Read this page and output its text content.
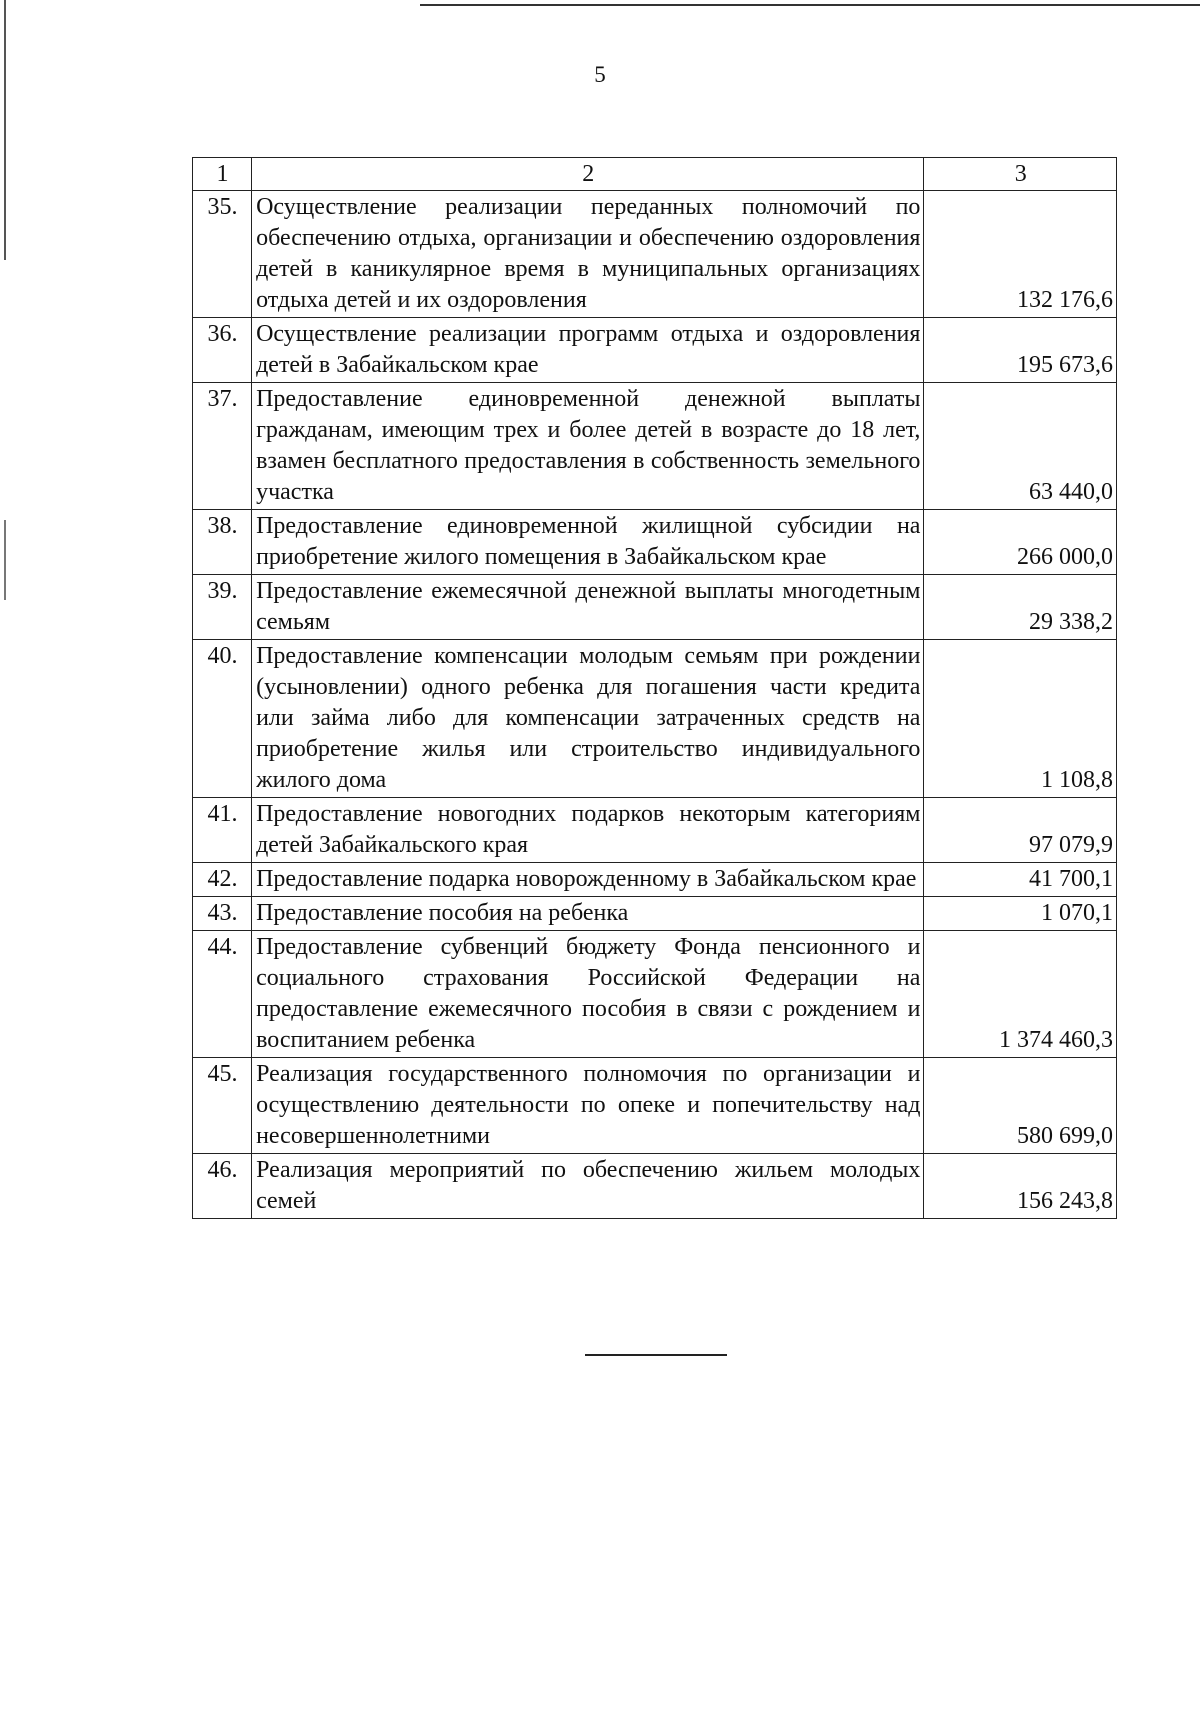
5
1	2	3
35.	Осуществление реализации переданных полномочий по обеспечению отдыха, организации и обеспечению оздоровления детей в каникулярное время в муниципальных организациях отдыха детей и их оздоровления	132 176,6
36.	Осуществление реализации программ отдыха и оздоровления детей в Забайкальском крае	195 673,6
37.	Предоставление единовременной денежной выплаты гражданам, имеющим трех и более детей в возрасте до 18 лет, взамен бесплатного предоставления в собственность земельного участка	63 440,0
38.	Предоставление единовременной жилищной субсидии на приобретение жилого помещения в Забайкальском крае	266 000,0
39.	Предоставление ежемесячной денежной выплаты многодетным семьям	29 338,2
40.	Предоставление компенсации молодым семьям при рождении (усыновлении) одного ребенка для погашения части кредита или займа либо для компенсации затраченных средств на приобретение жилья или строительство индивидуального жилого дома	1 108,8
41.	Предоставление новогодних подарков некоторым категориям детей Забайкальского края	97 079,9
42.	Предоставление подарка новорожденному в Забайкальском крае	41 700,1
43.	Предоставление пособия на ребенка	1 070,1
44.	Предоставление субвенций бюджету Фонда пенсионного и социального страхования Российской Федерации на предоставление ежемесячного пособия в связи с рождением и воспитанием ребенка	1 374 460,3
45.	Реализация государственного полномочия по организации и осуществлению деятельности по опеке и попечительству над несовершеннолетними	580 699,0
46.	Реализация мероприятий по обеспечению жильем молодых семей	156 243,8
